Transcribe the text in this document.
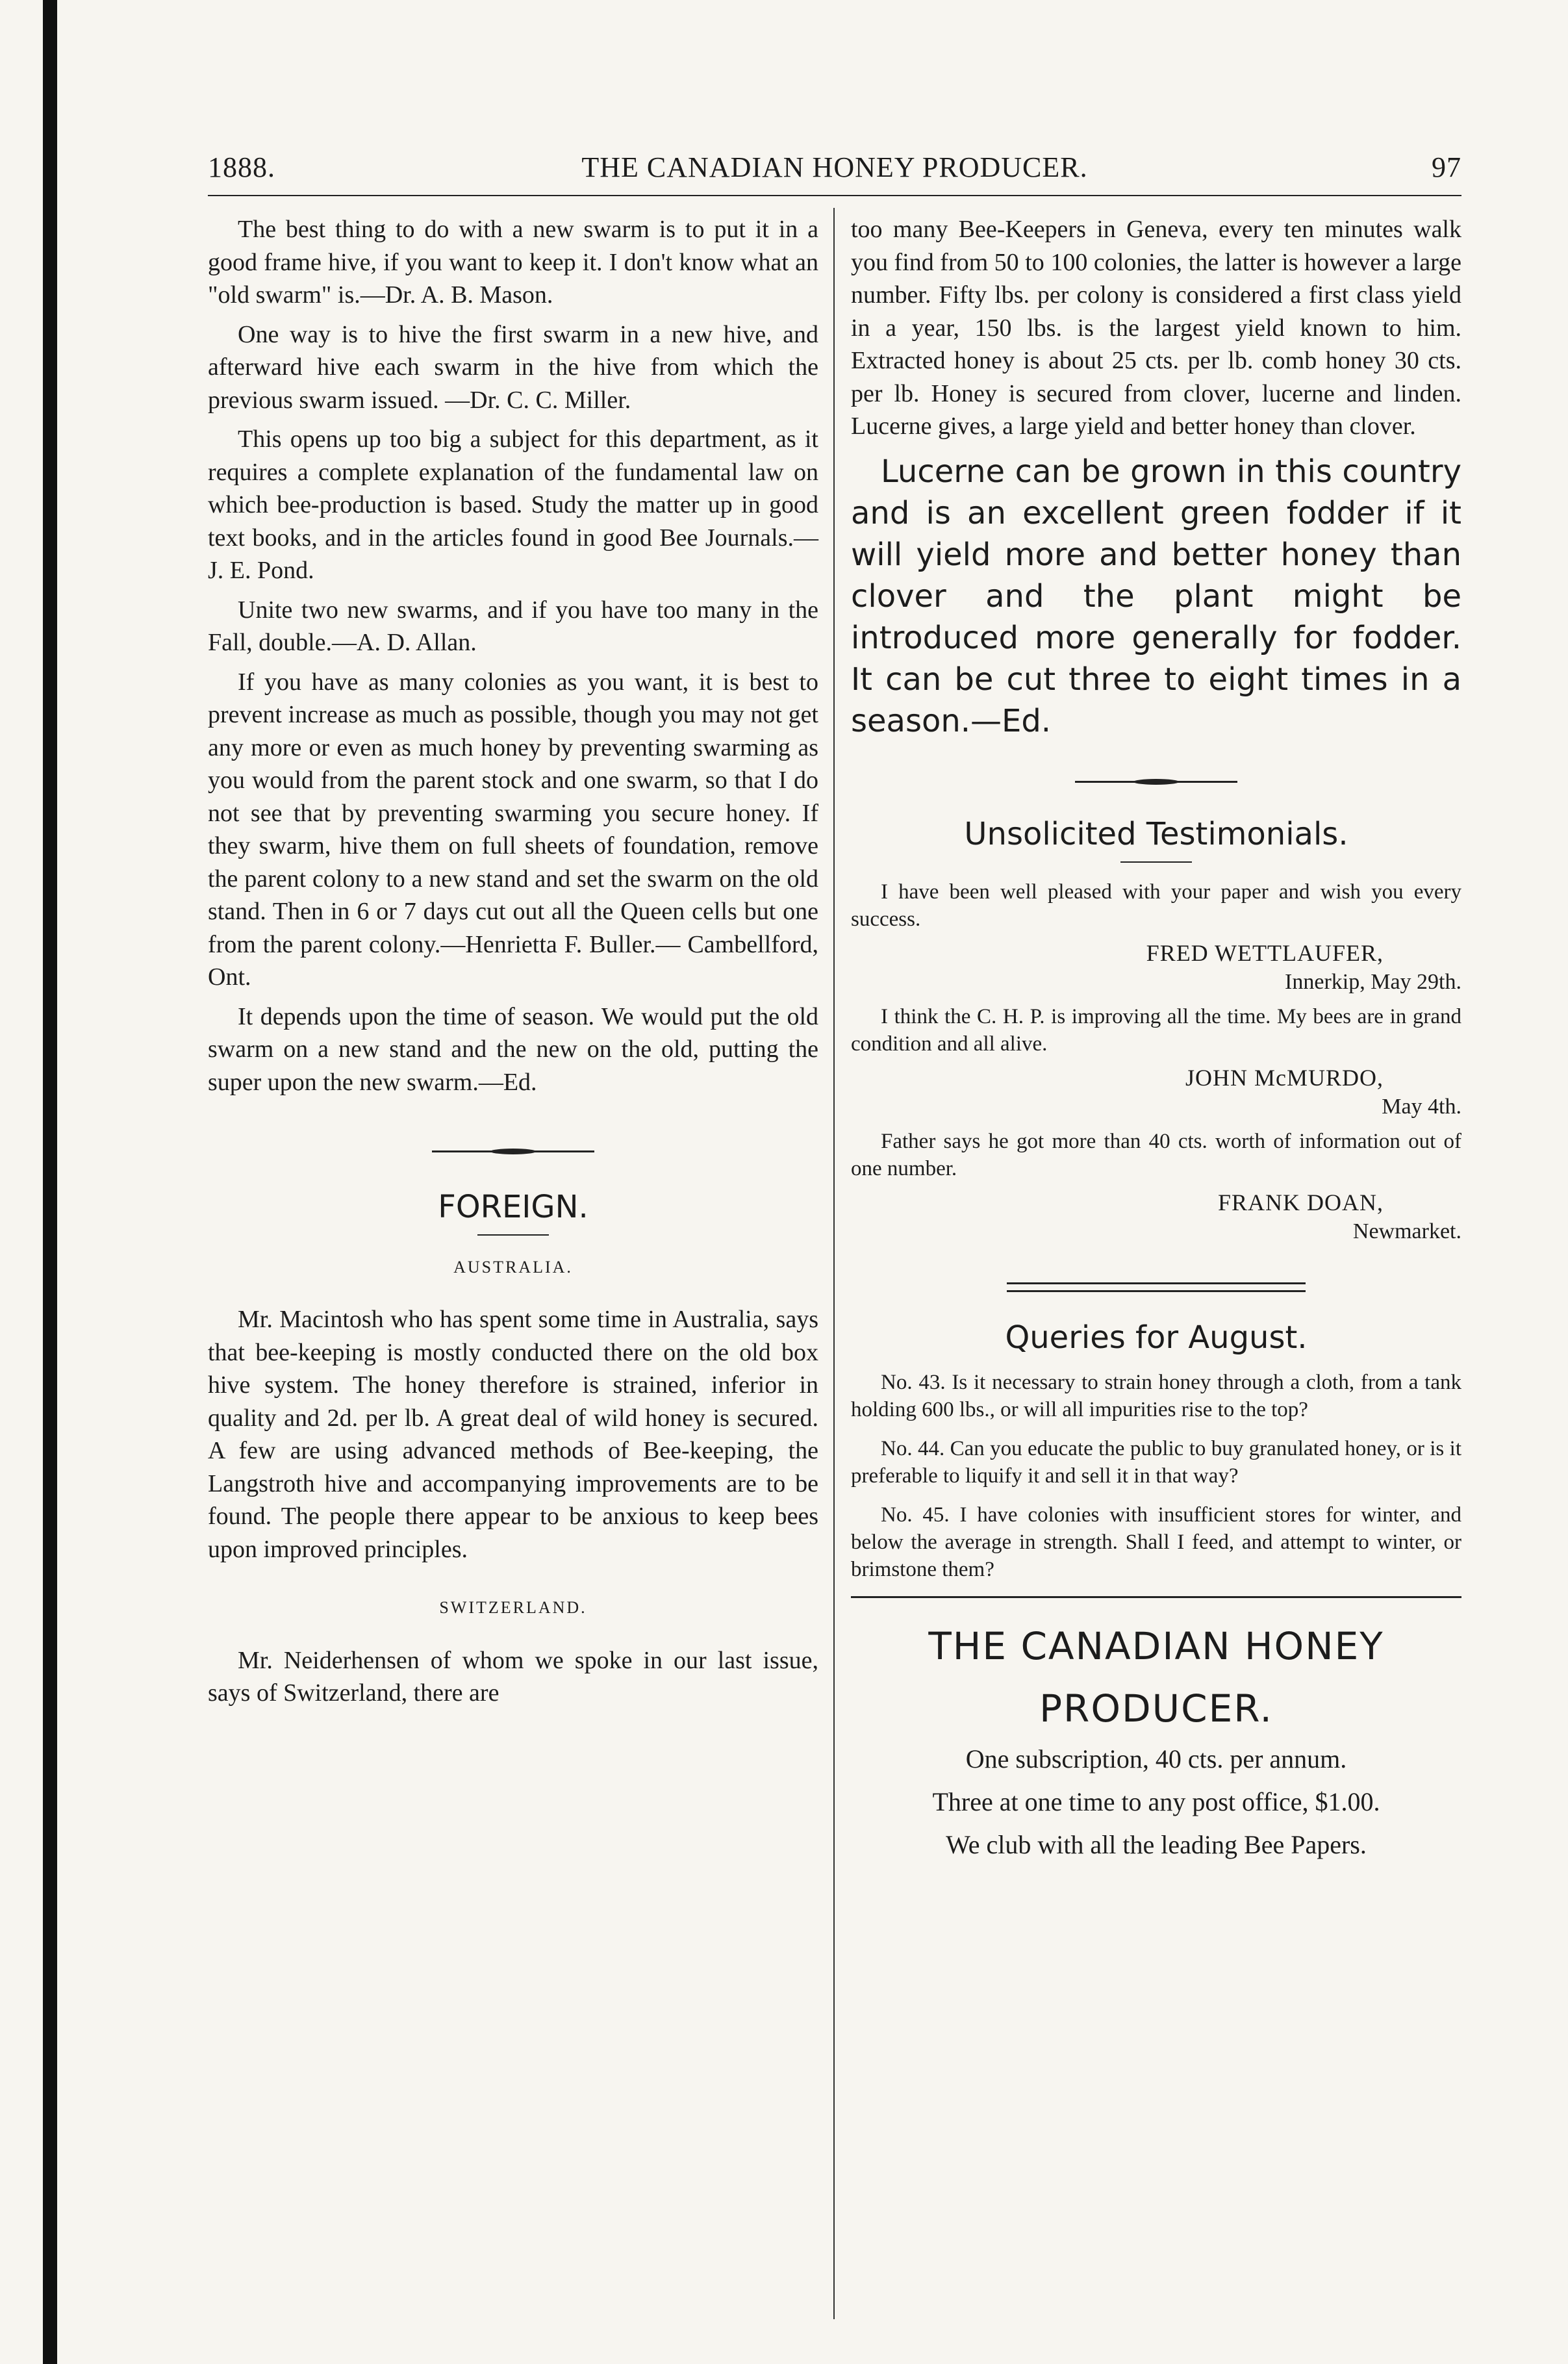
1888.	THE CANADIAN HONEY PRODUCER.	97

The best thing to do with a new swarm is to put it in a good frame hive, if you want to keep it. I don't know what an "old swarm" is.—Dr. A. B. Mason.

One way is to hive the first swarm in a new hive, and afterward hive each swarm in the hive from which the previous swarm issued. —Dr. C. C. Miller.

This opens up too big a subject for this department, as it requires a complete explanation of the fundamental law on which bee-production is based. Study the matter up in good text books, and in the articles found in good Bee Journals.—J. E. Pond.

Unite two new swarms, and if you have too many in the Fall, double.—A. D. Allan.

If you have as many colonies as you want, it is best to prevent increase as much as possible, though you may not get any more or even as much honey by preventing swarming as you would from the parent stock and one swarm, so that I do not see that by preventing swarming you secure honey. If they swarm, hive them on full sheets of foundation, remove the parent colony to a new stand and set the swarm on the old stand. Then in 6 or 7 days cut out all the Queen cells but one from the parent colony.—Henrietta F. Buller.— Cambellford, Ont.

It depends upon the time of season. We would put the old swarm on a new stand and the new on the old, putting the super upon the new swarm.—Ed.

FOREIGN.

AUSTRALIA.

Mr. Macintosh who has spent some time in Australia, says that bee-keeping is mostly conducted there on the old box hive system. The honey therefore is strained, inferior in quality and 2d. per lb. A great deal of wild honey is secured. A few are using advanced methods of Bee-keeping, the Langstroth hive and accompanying improvements are to be found. The people there appear to be anxious to keep bees upon improved principles.

SWITZERLAND.

Mr. Neiderhensen of whom we spoke in our last issue, says of Switzerland, there are

too many Bee-Keepers in Geneva, every ten minutes walk you find from 50 to 100 colonies, the latter is however a large number. Fifty lbs. per colony is considered a first class yield in a year, 150 lbs. is the largest yield known to him. Extracted honey is about 25 cts. per lb. comb honey 30 cts. per lb. Honey is secured from clover, lucerne and linden. Lucerne gives, a large yield and better honey than clover.

Lucerne can be grown in this country and is an excellent green fodder if it will yield more and better honey than clover and the plant might be introduced more generally for fodder. It can be cut three to eight times in a season.—Ed.

Unsolicited Testimonials.

I have been well pleased with your paper and wish you every success.

FRED WETTLAUFER,

Innerkip, May 29th.

I think the C. H. P. is improving all the time. My bees are in grand condition and all alive.

JOHN McMURDO,

May 4th.

Father says he got more than 40 cts. worth of information out of one number.

FRANK DOAN,

Newmarket.

Queries for August.

No. 43. Is it necessary to strain honey through a cloth, from a tank holding 600 lbs., or will all impurities rise to the top?

No. 44. Can you educate the public to buy granulated honey, or is it preferable to liquify it and sell it in that way?

No. 45. I have colonies with insufficient stores for winter, and below the average in strength. Shall I feed, and attempt to winter, or brimstone them?

THE CANADIAN HONEY

PRODUCER.

One subscription, 40 cts. per annum.

Three at one time to any post office, $1.00.

We club with all the leading Bee Papers.
